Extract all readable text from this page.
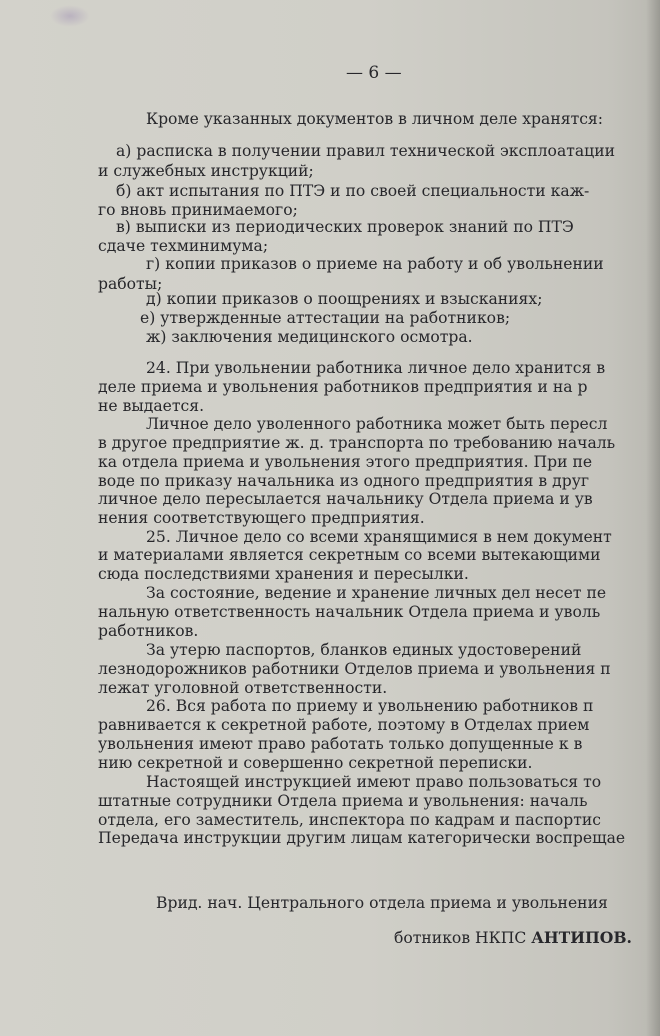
— 6 —
Кроме указанных документов в личном деле хранятся:
а) расписка в получении правил технической эксплоатации
и служебных инструкций;
б) акт испытания по ПТЭ и по своей специальности каж-
го вновь принимаемого;
в) выписки из периодических проверок знаний по ПТЭ
сдаче техминимума;
г) копии приказов о приеме на работу и об увольнении
работы;
д) копии приказов о поощрениях и взысканиях;
е) утвержденные аттестации на работников;
ж) заключения медицинского осмотра.
24. При увольнении работника личное дело хранится в
деле приема и увольнения работников предприятия и на р
не выдается.
Личное дело уволенного работника может быть пересл
в другое предприятие ж. д. транспорта по требованию началь
ка отдела приема и увольнения этого предприятия. При пе
воде по приказу начальника из одного предприятия в друг
личное дело пересылается начальнику Отдела приема и ув
нения соответствующего предприятия.
25. Личное дело со всеми хранящимися в нем документ
и материалами является секретным со всеми вытекающими
сюда последствиями хранения и пересылки.
За состояние, ведение и хранение личных дел несет пе
нальную ответственность начальник Отдела приема и уволь
работников.
За утерю паспортов, бланков единых удостоверений
лезнодорожников работники Отделов приема и увольнения п
лежат уголовной ответственности.
26. Вся работа по приему и увольнению работников п
равнивается к секретной работе, поэтому в Отделах прием
увольнения имеют право работать только допущенные к в
нию секретной и совершенно секретной переписки.
Настоящей инструкцией имеют право пользоваться то
штатные сотрудники Отдела приема и увольнения: началь
отдела, его заместитель, инспектора по кадрам и паспортис
Передача инструкции другим лицам категорически воспрещае
Врид. нач. Центрального отдела приема и увольнения
ботников НКПС АНТИПОВ.
